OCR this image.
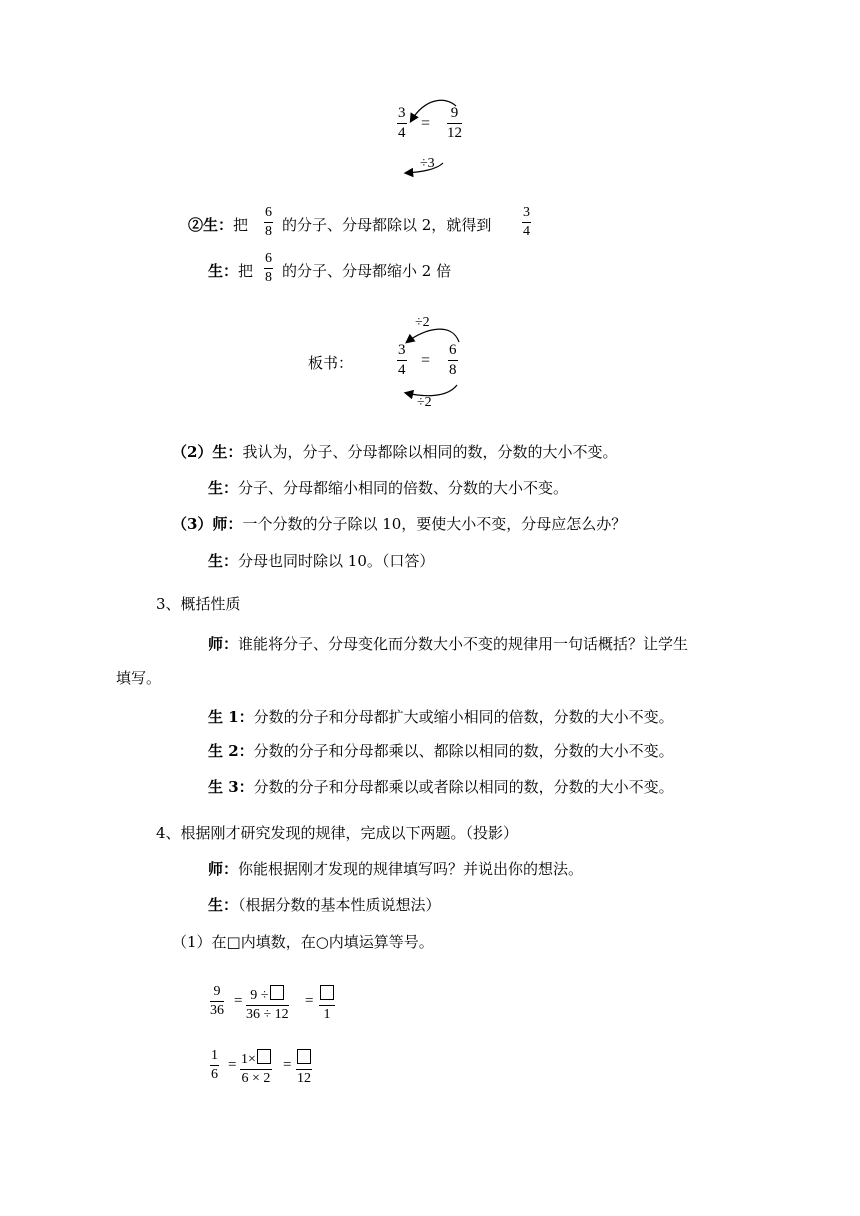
$\frac{3}{4} = \frac{9}{12}$
÷3
②生：把 $\frac{6}{8}$ 的分子、分母都除以 2，就得到 $\frac{3}{4}$
生：把 $\frac{6}{8}$ 的分子、分母都缩小 2 倍
板书：
÷2
$\frac{3}{4} = \frac{6}{8}$
÷2
（2）生：我认为，分子、分母都除以相同的数，分数的大小不变。
生：分子、分母都缩小相同的倍数、分数的大小不变。
（3）师：一个分数的分子除以 10，要使大小不变，分母应怎么办？
生：分母也同时除以 10。（口答）
3、概括性质
师：谁能将分子、分母变化而分数大小不变的规律用一句话概括？让学生
填写。
生 1：分数的分子和分母都扩大或缩小相同的倍数，分数的大小不变。
生 2：分数的分子和分母都乘以、都除以相同的数，分数的大小不变。
生 3：分数的分子和分母都乘以或者除以相同的数，分数的大小不变。
4、根据刚才研究发现的规律，完成以下两题。（投影）
师：你能根据刚才发现的规律填写吗？并说出你的想法。
生：（根据分数的基本性质说想法）
（1）在□内填数，在○内填运算等号。
$\frac{9}{36} = \frac{9 \div}{36 \div 12}$ =
1
$\frac{1}{6} = \frac{1\times}{6 \times 2}$ =
12
